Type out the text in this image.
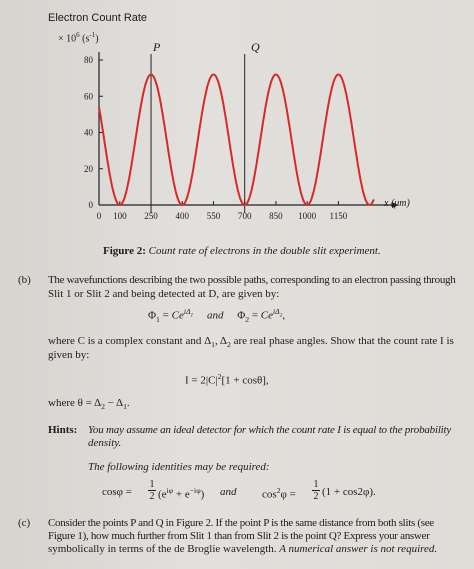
Electron Count Rate
× $10^6$ $(s^{-1})$
0 100 250 400 550 700 850 1000 1150
0
20
40
60
80
P	Q
x (μm)
Figure 2: Count rate of electrons in the double slit experiment.
(b) The wavefunctions describing the two possible paths, corresponding to an electron passing through
Slit 1 or Slit 2 and being detected at D, are given by:
$\Phi_1 = Ce^{i\Delta_1}$ and $\Phi_2 = Ce^{i\Delta_2}$,
where C is a complex constant and $\Delta_1$, $\Delta_2$ are real phase angles. Show that the count rate I is
given by:
$I = 2|C|^2[1 + \cos\theta]$,
where $\theta = \Delta_2 - \Delta_1$.
Hints: You may assume an ideal detector for which the count rate I is equal to the probability
density.
The following identities may be required:
cosφ =
1
2 $(e^{i\varphi} + e^{-i\varphi})$ and $\cos^2\varphi$ =
1
2 (1 + cos2φ).
(c) Consider the points P and Q in Figure 2. If the point P is the same distance from both slits (see
Figure 1), how much further from Slit 1 than from Slit 2 is the point Q? Express your answer
symbolically in terms of the de Broglie wavelength. A numerical answer is not required.
